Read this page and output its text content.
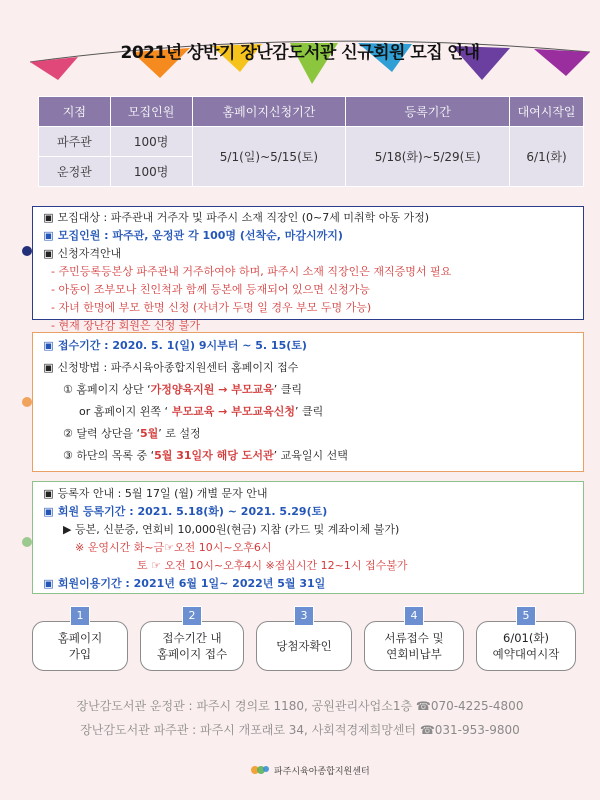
2021년 상반기 장난감도서관 신규회원 모집 안내
지점	모집인원	홈페이지신청기간	등록기간	대여시작일
파주관	100명	5/1(일)~5/15(토)	5/18(화)~5/29(토)	6/1(화)
운정관	100명			
▣ 모집대상 : 파주관내 거주자 및 파주시 소재 직장인 (0~7세 미취학 아동 가정)
▣ 모집인원 : 파주관, 운정관 각 100명 (선착순, 마감시까지)
▣ 신청자격안내
- 주민등록등본상 파주관내 거주하여야 하며, 파주시 소재 직장인은 재직증명서 필요
- 아동이 조부모나 친인척과 함께 등본에 등재되어 있으면 신청가능
- 자녀 한명에 부모 한명 신청 (자녀가 두명 일 경우 부모 두명 가능)
- 현재 장난감 회원은 신청 불가
▣ 접수기간 : 2020. 5. 1(일) 9시부터 ~ 5. 15(토)
▣ 신청방법 : 파주시육아종합지원센터 홈페이지 접수
① 홈페이지 상단 ‘가정양육지원 → 부모교육’ 클릭
or 홈페이지 왼쪽 ‘ 부모교육 → 부모교육신청’ 클릭
② 달력 상단을 ‘5월’ 로 설정
③ 하단의 목록 중 ‘5월 31일자 해당 도서관’ 교육일시 선택
▣ 등록자 안내 : 5월 17일 (월) 개별 문자 안내
▣ 회원 등록기간 : 2021. 5.18(화) ~ 2021. 5.29(토)
▶ 등본, 신분증, 연회비 10,000원(현금) 지참 (카드 및 계좌이체 불가)
※ 운영시간 화~금☞오전 10시~오후6시
토 ☞ 오전 10시~오후4시 ※점심시간 12~1시 접수불가
▣ 회원이용기간 : 2021년 6월 1일~ 2022년 5월 31일
홈페이지
가입
접수기간 내
홈페이지 접수
당첨자확인
서류접수 및
연회비납부
6/01(화)
예약대여시작
1	2	3	4	5
장난감도서관 운정관 : 파주시 경의로 1180, 공원관리사업소1층 ☎070-4225-4800
장난감도서관 파주관 : 파주시 개포래로 34, 사회적경제희망센터 ☎031-953-9800
파주시육아종합지원센터
